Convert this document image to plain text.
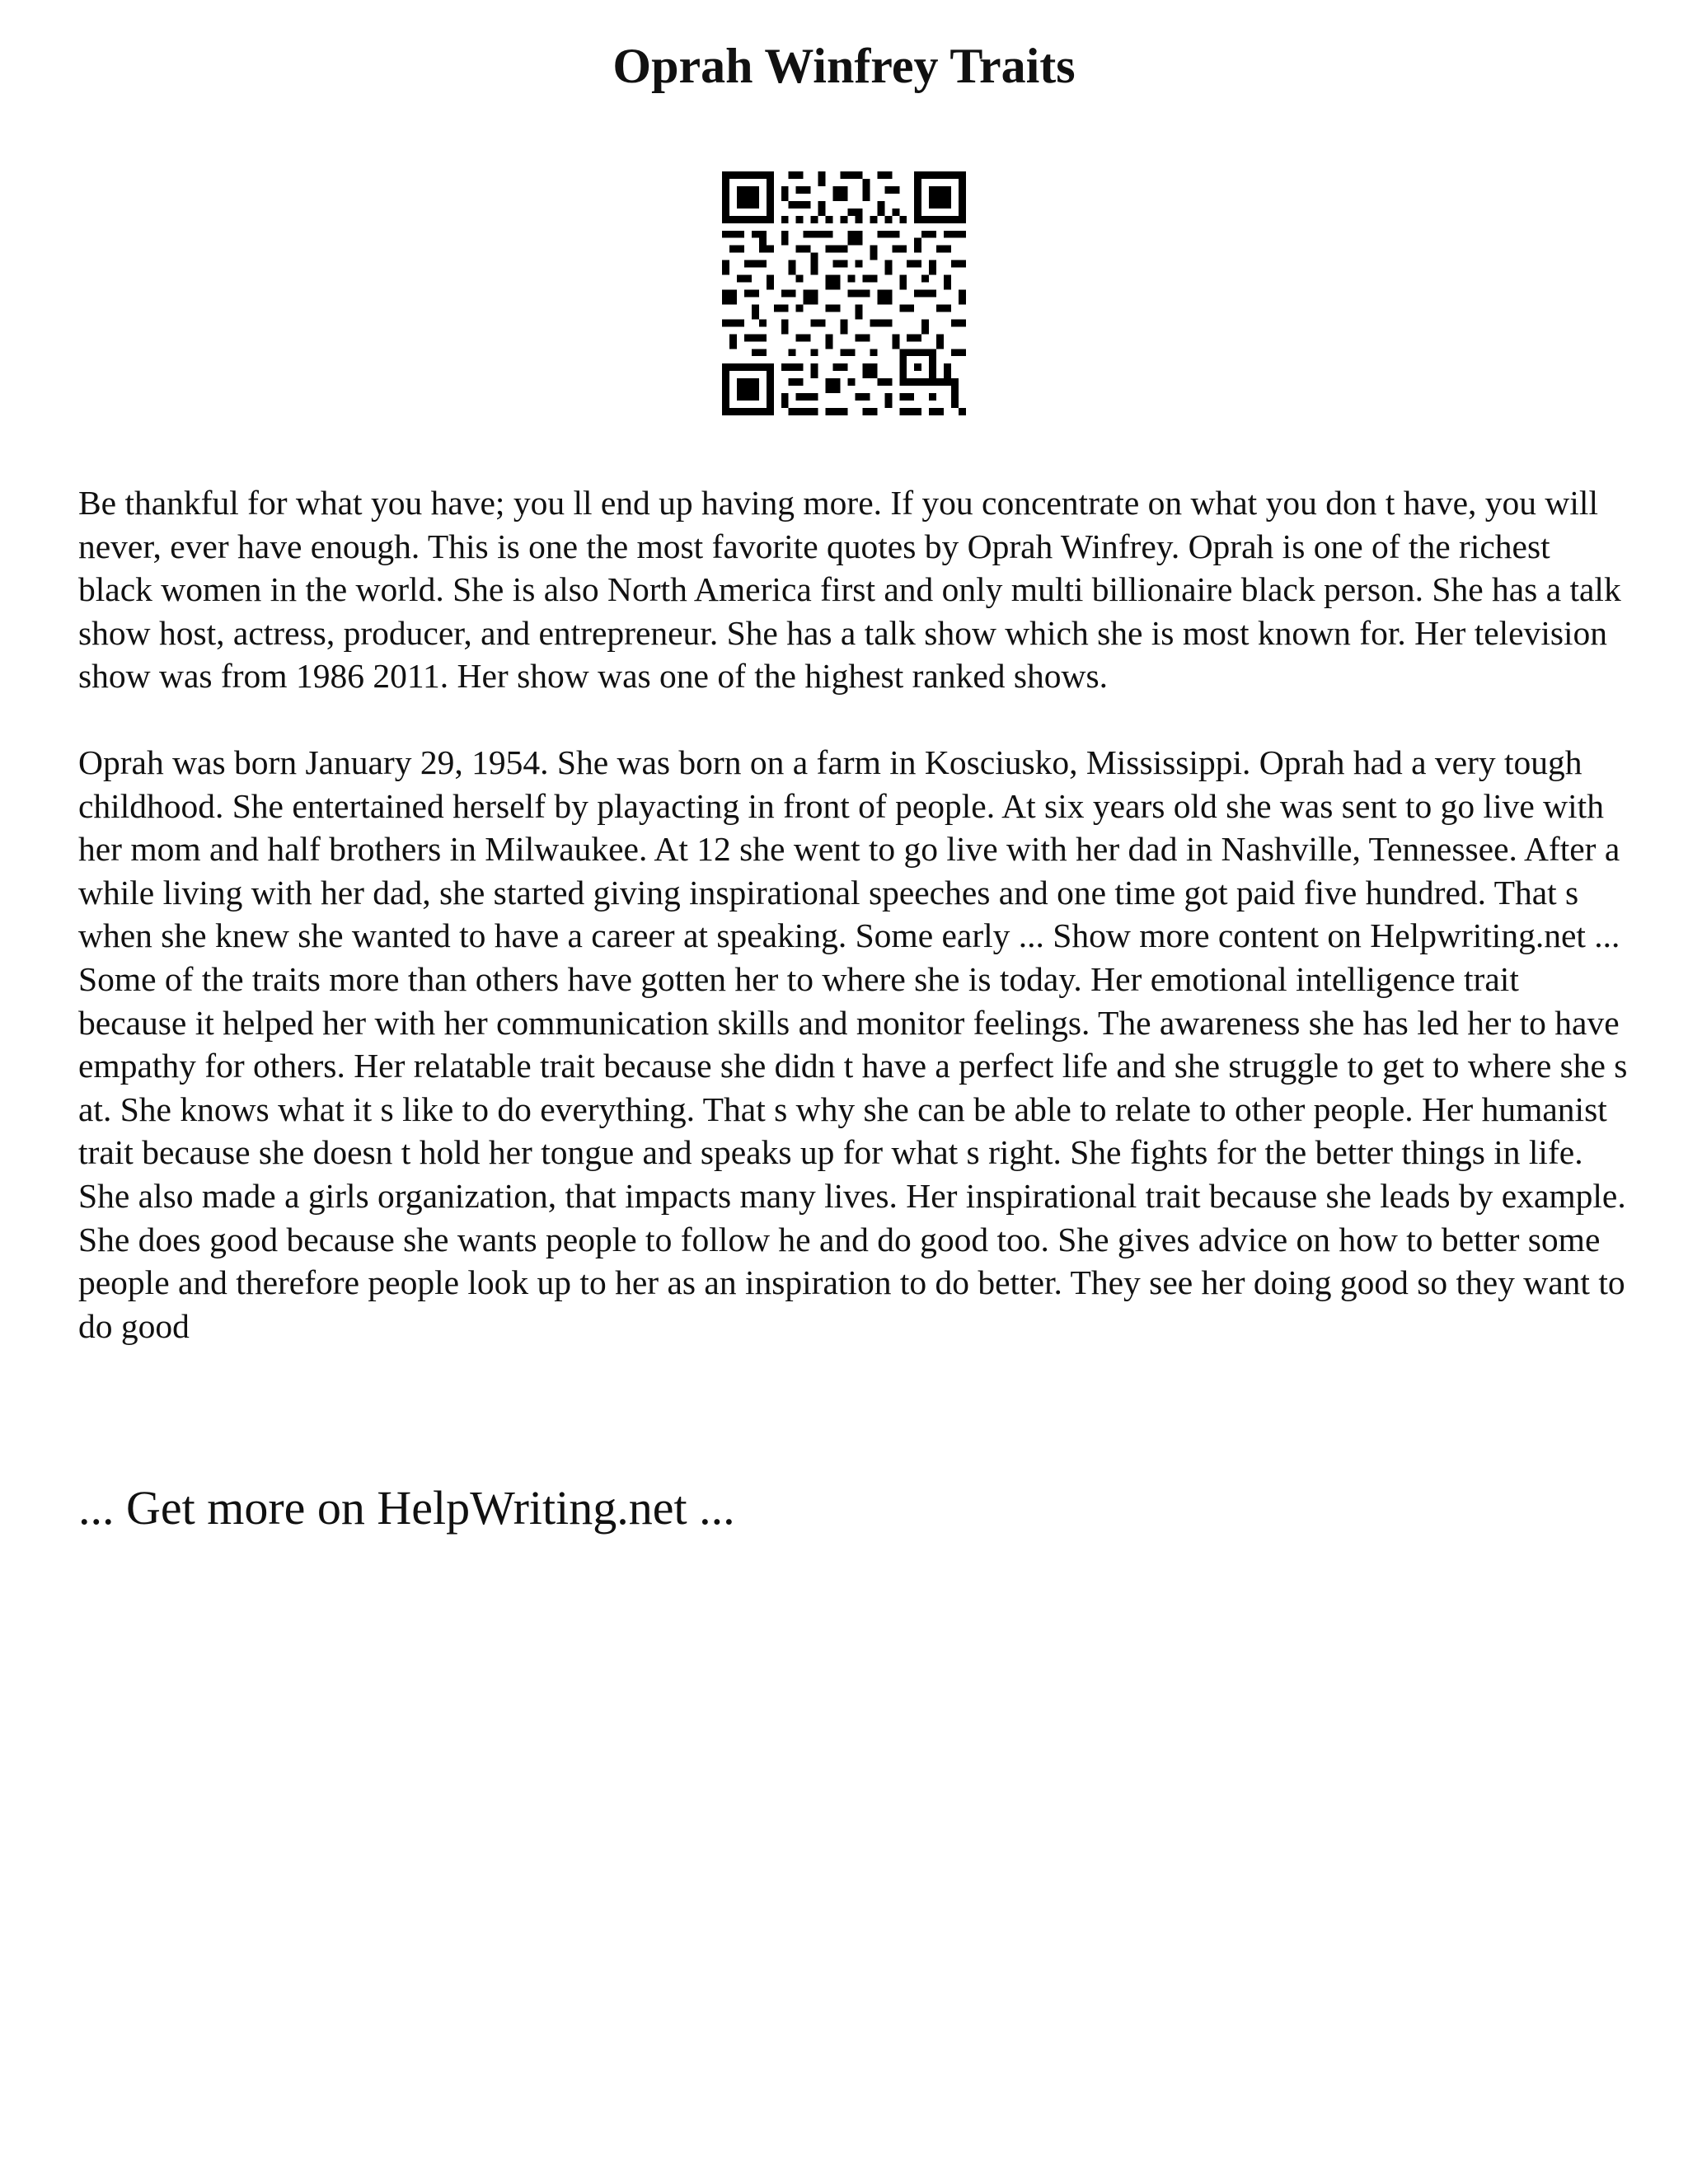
Oprah Winfrey Traits

Be thankful for what you have; you ll end up having more. If you concentrate on what you don t have, you will never, ever have enough. This is one the most favorite quotes by Oprah Winfrey. Oprah is one of the richest black women in the world. She is also North America first and only multi billionaire black person. She has a talk show host, actress, producer, and entrepreneur. She has a talk show which she is most known for. Her television show was from 1986 2011. Her show was one of the highest ranked shows.

Oprah was born January 29, 1954. She was born on a farm in Kosciusko, Mississippi. Oprah had a very tough childhood. She entertained herself by playacting in front of people. At six years old she was sent to go live with her mom and half brothers in Milwaukee. At 12 she went to go live with her dad in Nashville, Tennessee. After a while living with her dad, she started giving inspirational speeches and one time got paid five hundred. That s when she knew she wanted to have a career at speaking. Some early ... Show more content on Helpwriting.net ...

Some of the traits more than others have gotten her to where she is today. Her emotional intelligence trait because it helped her with her communication skills and monitor feelings. The awareness she has led her to have empathy for others. Her relatable trait because she didn t have a perfect life and she struggle to get to where she s at. She knows what it s like to do everything. That s why she can be able to relate to other people. Her humanist trait because she doesn t hold her tongue and speaks up for what s right. She fights for the better things in life. She also made a girls organization, that impacts many lives. Her inspirational trait because she leads by example. She does good because she wants people to follow he and do good too. She gives advice on how to better some people and therefore people look up to her as an inspiration to do better. They see her doing good so they want to do good

... Get more on HelpWriting.net ...
